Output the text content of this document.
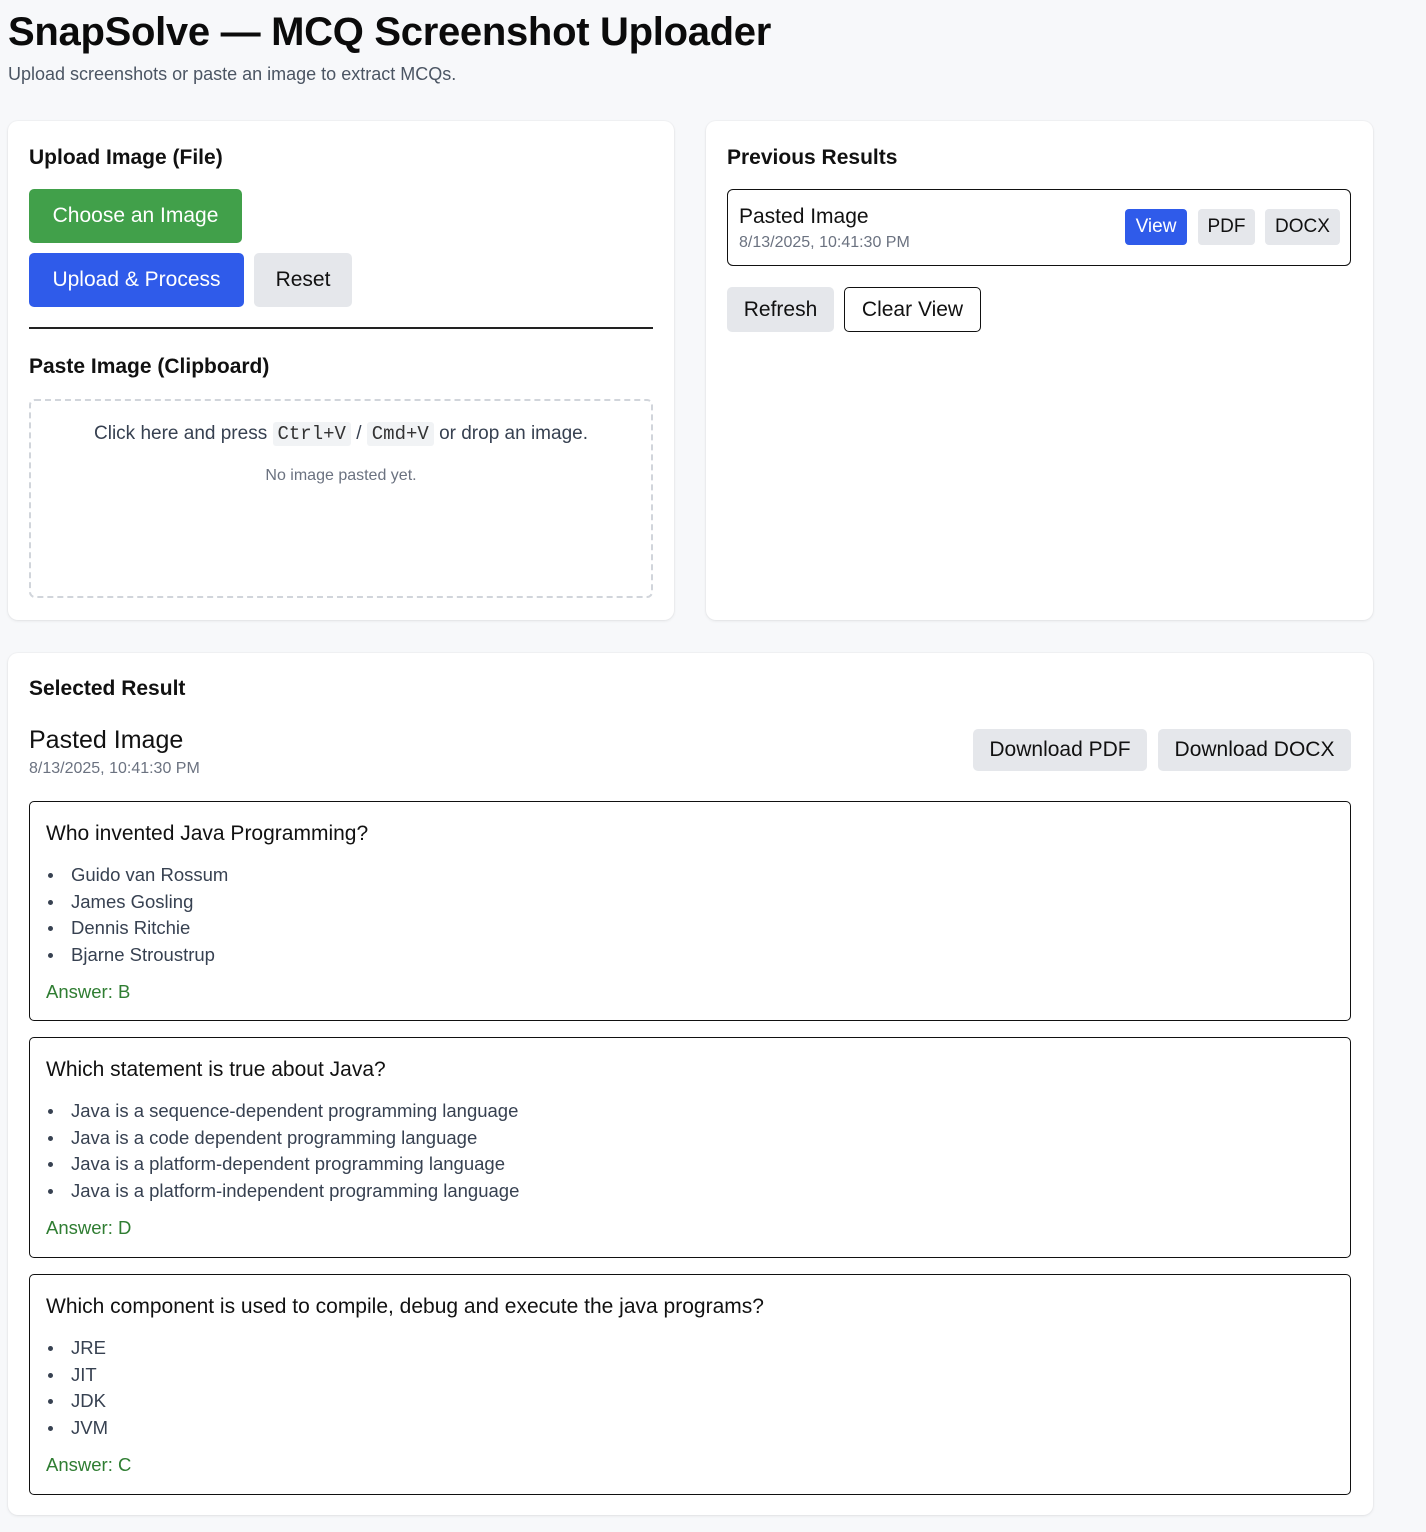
SnapSolve — MCQ Screenshot Uploader
Upload screenshots or paste an image to extract MCQs.
Upload Image (File)
Choose an Image
Upload & Process	Reset
Paste Image (Clipboard)
Click here and press Ctrl+V / Cmd+V or drop an image.
No image pasted yet.
Previous Results
Pasted Image
8/13/2025, 10:41:30 PM
View	PDF	DOCX
Refresh	Clear View
Selected Result
Pasted Image
8/13/2025, 10:41:30 PM
Download PDF	Download DOCX
Who invented Java Programming?
Guido van Rossum
James Gosling
Dennis Ritchie
Bjarne Stroustrup
Answer: B
Which statement is true about Java?
Java is a sequence-dependent programming language
Java is a code dependent programming language
Java is a platform-dependent programming language
Java is a platform-independent programming language
Answer: D
Which component is used to compile, debug and execute the java programs?
JRE
JIT
JDK
JVM
Answer: C
